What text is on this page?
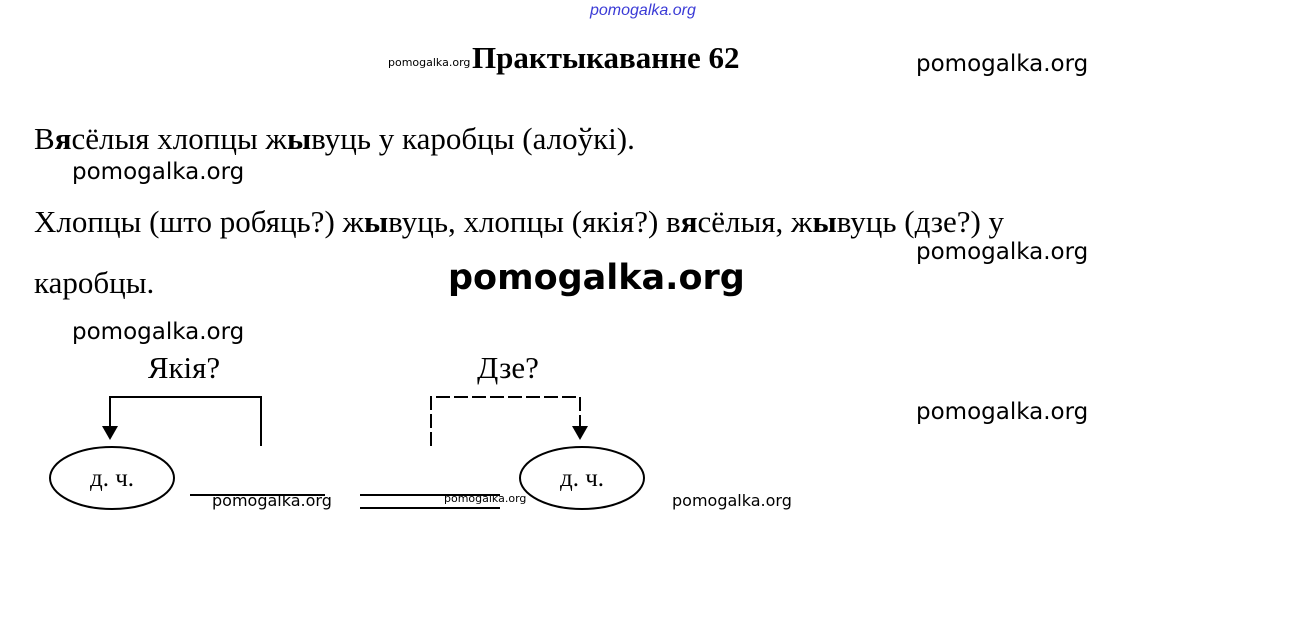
pomogalka.org
pomogalka.org	pomogalka.org
pomogalka.org
pomogalka.org
pomogalka.org
pomogalka.org
pomogalka.org
pomogalka.org	pomogalka.org	pomogalka.org
Практыкаванне 62
Вясёлыя хлопцы жывуць у каробцы (алоўкі).
Хлопцы (што робяць?) жывуць, хлопцы (якія?) вясёлыя, жывуць (дзе?) у
каробцы.
Якія?	Дзе?
д. ч.	д. ч.
